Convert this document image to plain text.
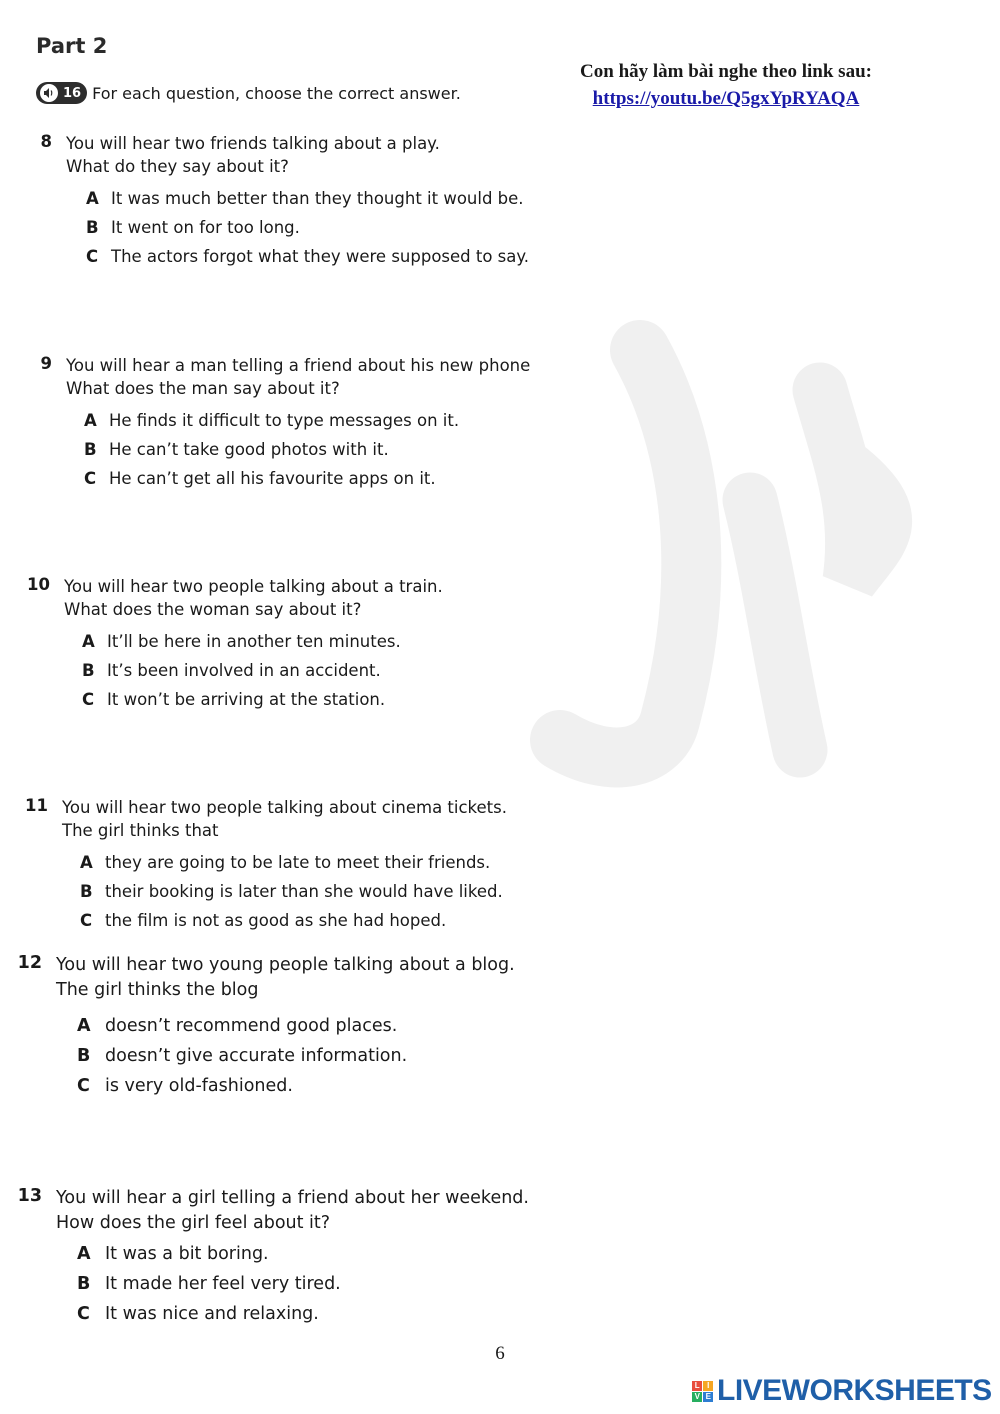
Part 2
16 For each question, choose the correct answer.
Con hãy làm bài nghe theo link sau:
https://youtu.be/Q5gxYpRYAQA
8 You will hear two friends talking about a play.
What do they say about it?
A It was much better than they thought it would be.
B It went on for too long.
C The actors forgot what they were supposed to say.
9 You will hear a man telling a friend about his new phone
What does the man say about it?
A He finds it difficult to type messages on it.
B He can’t take good photos with it.
C He can’t get all his favourite apps on it.
10 You will hear two people talking about a train.
What does the woman say about it?
A It’ll be here in another ten minutes.
B It’s been involved in an accident.
C It won’t be arriving at the station.
11 You will hear two people talking about cinema tickets.
The girl thinks that
A they are going to be late to meet their friends.
B their booking is later than she would have liked.
C the film is not as good as she had hoped.
12 You will hear two young people talking about a blog.
The girl thinks the blog
A doesn’t recommend good places.
B doesn’t give accurate information.
C is very old-fashioned.
13 You will hear a girl telling a friend about her weekend.
How does the girl feel about it?
A It was a bit boring.
B It made her feel very tired.
C It was nice and relaxing.
6
L I
V E LIVEWORKSHEETS
